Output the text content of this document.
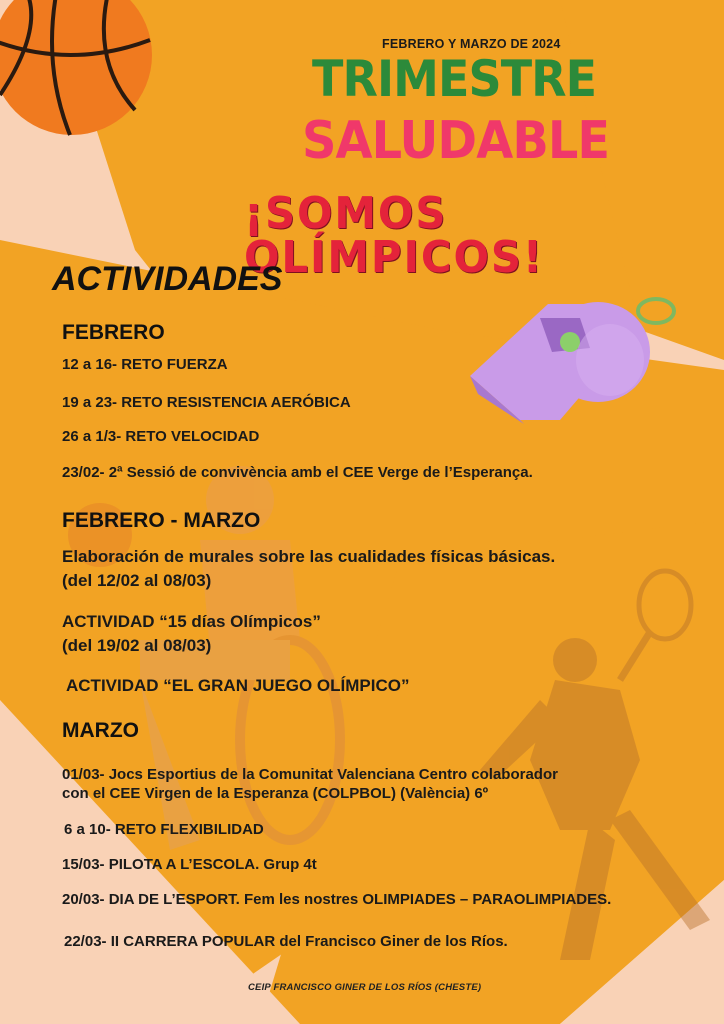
FEBRERO Y MARZO DE 2024

TRIMESTRE

SALUDABLE

¡SOMOS OLÍMPICOS!

ACTIVIDADES

FEBRERO

12 a 16- RETO FUERZA

19 a 23- RETO RESISTENCIA AERÓBICA

26 a 1/3- RETO VELOCIDAD

23/02- 2ª Sessió de convivència amb el CEE Verge de l’Esperança.

FEBRERO - MARZO

Elaboración de murales sobre las cualidades físicas básicas.

(del 12/02 al 08/03)

ACTIVIDAD “15 días Olímpicos”

(del 19/02 al 08/03)

ACTIVIDAD “EL GRAN JUEGO OLÍMPICO”

MARZO

01/03- Jocs Esportius de la Comunitat Valenciana Centro colaborador

con el CEE Virgen de la Esperanza (COLPBOL) (València) 6º

6 a 10- RETO FLEXIBILIDAD

15/03- PILOTA A L’ESCOLA. Grup 4t

20/03- DIA DE L’ESPORT. Fem les nostres OLIMPIADES – PARAOLIMPIADES.

22/03- II CARRERA POPULAR del Francisco Giner de los Ríos.

CEIP FRANCISCO GINER DE LOS RÍOS (CHESTE)
